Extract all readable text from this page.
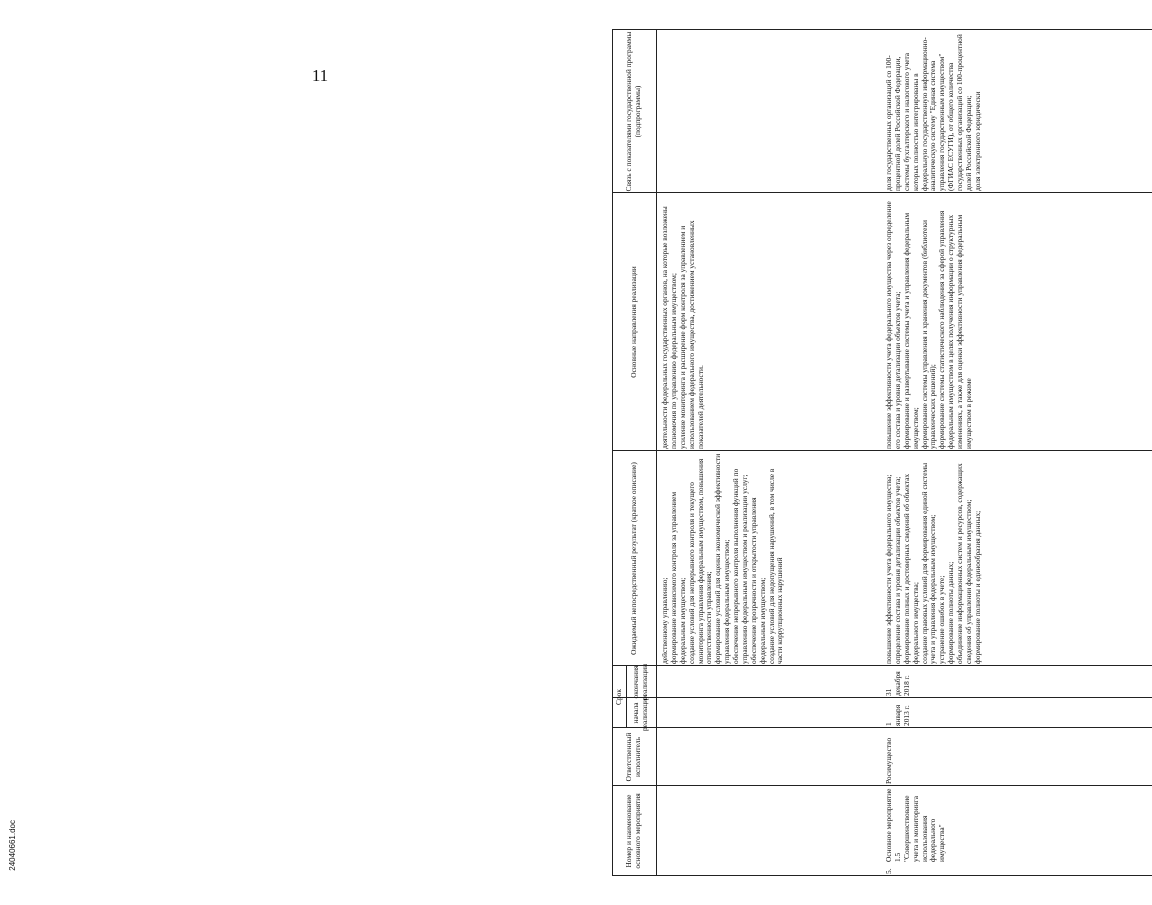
11
Номер и наименование основного мероприятия
Ответственный исполнитель
Срок
начала реализации
окончания реализации
Ожидаемый непосредственный результат (краткое описание)
Основные направления реализации
Связь с показателями государственной программы (подпрограммы)
действенному управлению;
формирование независимого контроля за управлением федеральным имуществом;
создание условий для непрерывного контроля и текущего мониторинга управления федеральным имуществом, повышения ответственности управления;
формирование условий для оценки экономической эффективности управления федеральным имуществом;
обеспечение непрерывного контроля выполнения функций по управлению федеральным имуществом и реализации услуг;
обеспечение прозрачности и открытости управления федеральным имуществом;
создание условий для недопущения нарушений, в том числе в части коррупционных нарушений
деятельности федеральных государственных органов, на которые возложены полномочия по управлению федеральным имуществом;
усиление мониторинга и расширение форм контроля за управлением и использованием федерального имущества, достижением установленных показателей деятельности.
5.
Основное мероприятие 1.5 "Совершенствование учета и мониторинга использования федерального имущества"
Росимущество
1 января 2013 г.
31 декабря 2018 г.
повышение эффективности учета федерального имущества;
определение состава и уровня детализации объектов учета; формирование полных и достоверных сведений об объектах федерального имущества;
создание правовых условий для формирования единой системы учета и управления федеральным имуществом;
устранение ошибок в учете;
формирование полноты данных;
объединение информационных систем и ресурсов, содержащих сведения об управлении федеральным имуществом;
формирование полноты и единообразия данных;
повышение эффективности учета федерального имущества через определение его состава и уровня детализации объектов учета;
формирование и развертывание системы учета и управления федеральным имуществом;
формирование системы управления и хранения документов (библиотеки управленческих решений);
формирование системы статистического наблюдения за сферой управления федеральным имуществом в целях получения информации о структурных изменениях, а также для оценки эффективности управления федеральным имуществом в режиме
доля государственных организаций со 100-процентной долей Российской Федерации, системы бухгалтерского и налогового учета которых полностью интегрированы в федеральную государственную информационно-аналитическую систему "Единая система управления государственным имуществом" (ФГИАС ЕСУГИ), от общего количества государственных организаций со 100-процентной долей Российской Федерации;
доля электронного юридически
24040661.doc
